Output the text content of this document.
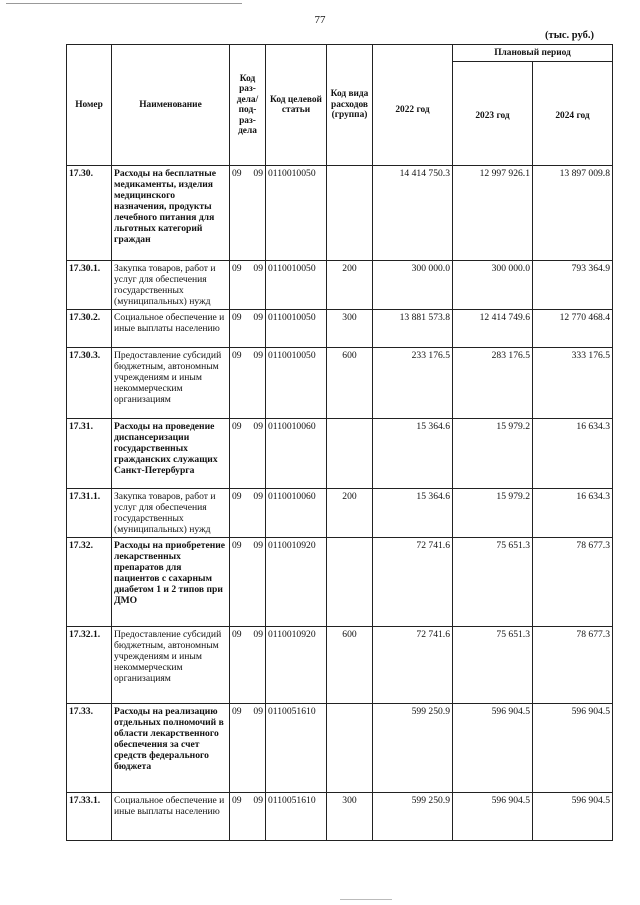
77
(тыс. руб.)
Номер	Наименование	Код раз-дела/ под-раз-дела	Код целевой статьи	Код вида расходов (группа)	2022 год	Плановый период	
						2023 год	2024 год
17.30.	Расходы на бесплатные медикаменты, изделия медицинского назначения, продукты лечебного питания для льготных категорий граждан	09 09	0110010050		14 414 750.3	12 997 926.1	13 897 009.8
17.30.1.	Закупка товаров, работ и услуг для обеспечения государственных (муниципальных) нужд	09 09	0110010050	200	300 000.0	300 000.0	793 364.9
17.30.2.	Социальное обеспечение и иные выплаты населению	09 09	0110010050	300	13 881 573.8	12 414 749.6	12 770 468.4
17.30.3.	Предоставление субсидий бюджетным, автономным учреждениям и иным некоммерческим организациям	09 09	0110010050	600	233 176.5	283 176.5	333 176.5
17.31.	Расходы на проведение диспансеризации государственных гражданских служащих Санкт-Петербурга	09 09	0110010060		15 364.6	15 979.2	16 634.3
17.31.1.	Закупка товаров, работ и услуг для обеспечения государственных (муниципальных) нужд	09 09	0110010060	200	15 364.6	15 979.2	16 634.3
17.32.	Расходы на приобретение лекарственных препаратов для пациентов с сахарным диабетом 1 и 2 типов при ДМО	09 09	0110010920		72 741.6	75 651.3	78 677.3
17.32.1.	Предоставление субсидий бюджетным, автономным учреждениям и иным некоммерческим организациям	09 09	0110010920	600	72 741.6	75 651.3	78 677.3
17.33.	Расходы на реализацию отдельных полномочий в области лекарственного обеспечения за счет средств федерального бюджета	09 09	0110051610		599 250.9	596 904.5	596 904.5
17.33.1.	Социальное обеспечение и иные выплаты населению	09 09	0110051610	300	599 250.9	596 904.5	596 904.5
